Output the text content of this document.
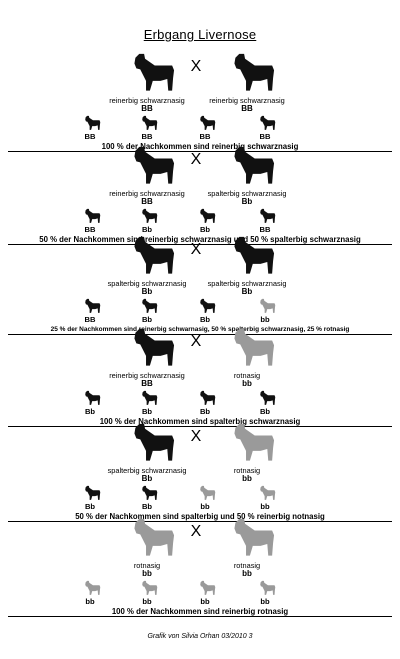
Erbgang Livernose
reinerbig schwarznasig
BB
reinerbig schwarznasig
BB
X
BB	BB	BB	BB
100 % der Nachkommen sind reinerbig schwarznasig
reinerbig schwarznasig
BB
spalterbig schwarznasig
Bb
X
BB	Bb	Bb	BB
50 % der Nachkommen sind reinerbig schwarznasig und 50 % spalterbig schwarznasig
spalterbig schwarznasig
Bb
spalterbig schwarznasig
Bb
X
BB	Bb	Bb	bb
25 % der Nachkommen sind reinerbig schwarnasig, 50 % spalterbig schwarznasig, 25 % rotnasig
reinerbig schwarznasig
BB
rotnasig
bb
X
Bb	Bb	Bb	Bb
100 % der Nachkommen sind spalterbig schwarznasig
spalterbig schwarznasig
Bb
rotnasig
bb
X
Bb	Bb	bb	bb
50 % der Nachkommen sind spalterbig und 50 % reinerbig notnasig
rotnasig
bb
rotnasig
bb
X
bb	bb	bb	bb
100 % der Nachkommen sind reinerbig rotnasig
Grafik von Silvia Orhan 03/2010 3
